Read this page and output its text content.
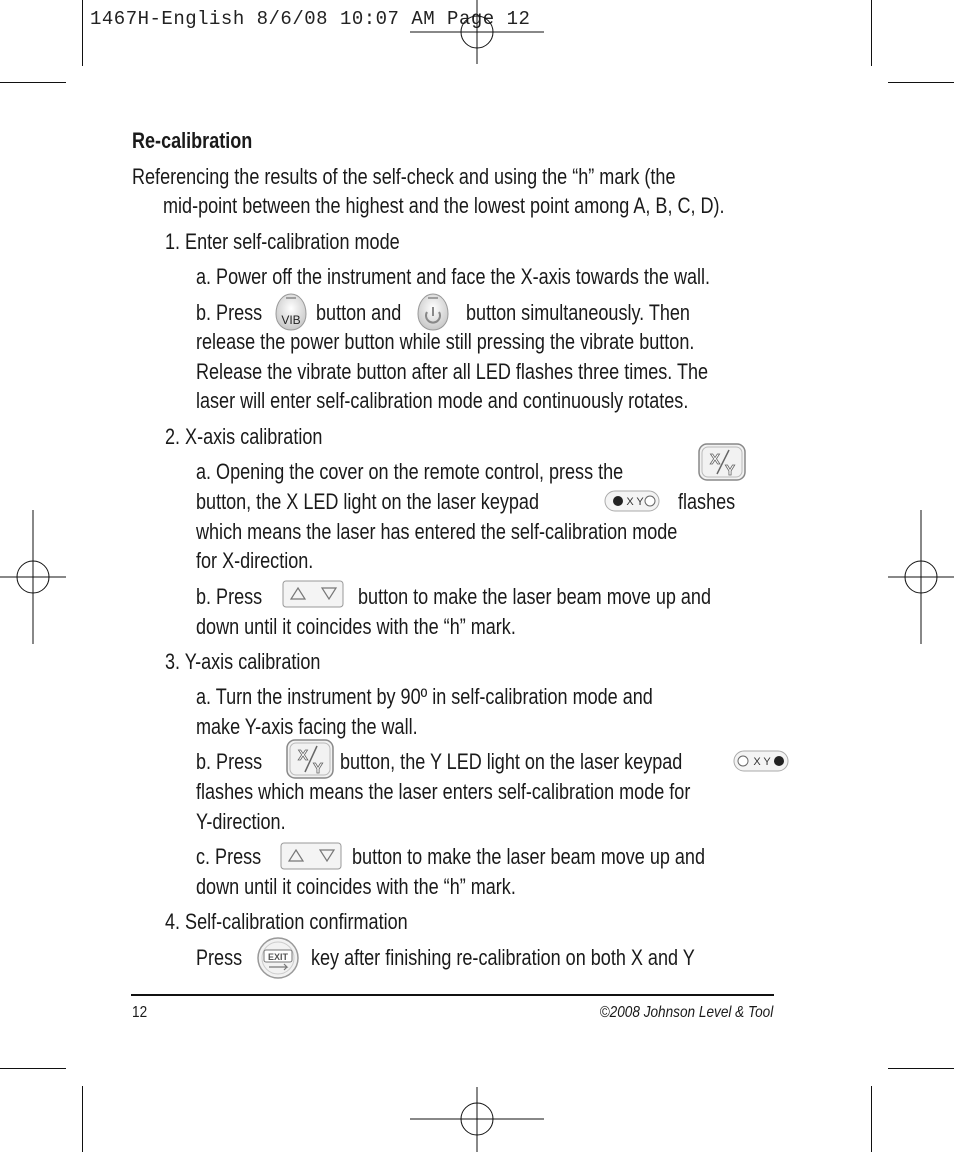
1467H-English 8/6/08 10:07 AM Page 12
Re-calibration
Referencing the results of the self-check and using the “h” mark (the
mid-point between the highest and the lowest point among A, B, C, D).
1. Enter self-calibration mode
a. Power off the instrument and face the X-axis towards the wall.
b. Press VIB button and	button simultaneously. Then
release the power button while still pressing the vibrate button.
Release the vibrate button after all LED flashes three times. The
laser will enter self-calibration mode and continuously rotates.
2. X-axis calibration
a. Opening the cover on the remote control, press the	X
Y
button, the X LED light on the laser keypad	X Y flashes
which means the laser has entered the self-calibration mode
for X-direction.
b. Press	button to make the laser beam move up and
down until it coincides with the “h” mark.
3. Y-axis calibration
a. Turn the instrument by 90º in self-calibration mode and
make Y-axis facing the wall.
b. Press X
Y button, the Y LED light on the laser keypad	X Y
flashes which means the laser enters self-calibration mode for
Y-direction.
c. Press	button to make the laser beam move up and
down until it coincides with the “h” mark.
4. Self-calibration confirmation
Press	EXIT key after finishing re-calibration on both X and Y
12	©2008 Johnson Level & Tool
